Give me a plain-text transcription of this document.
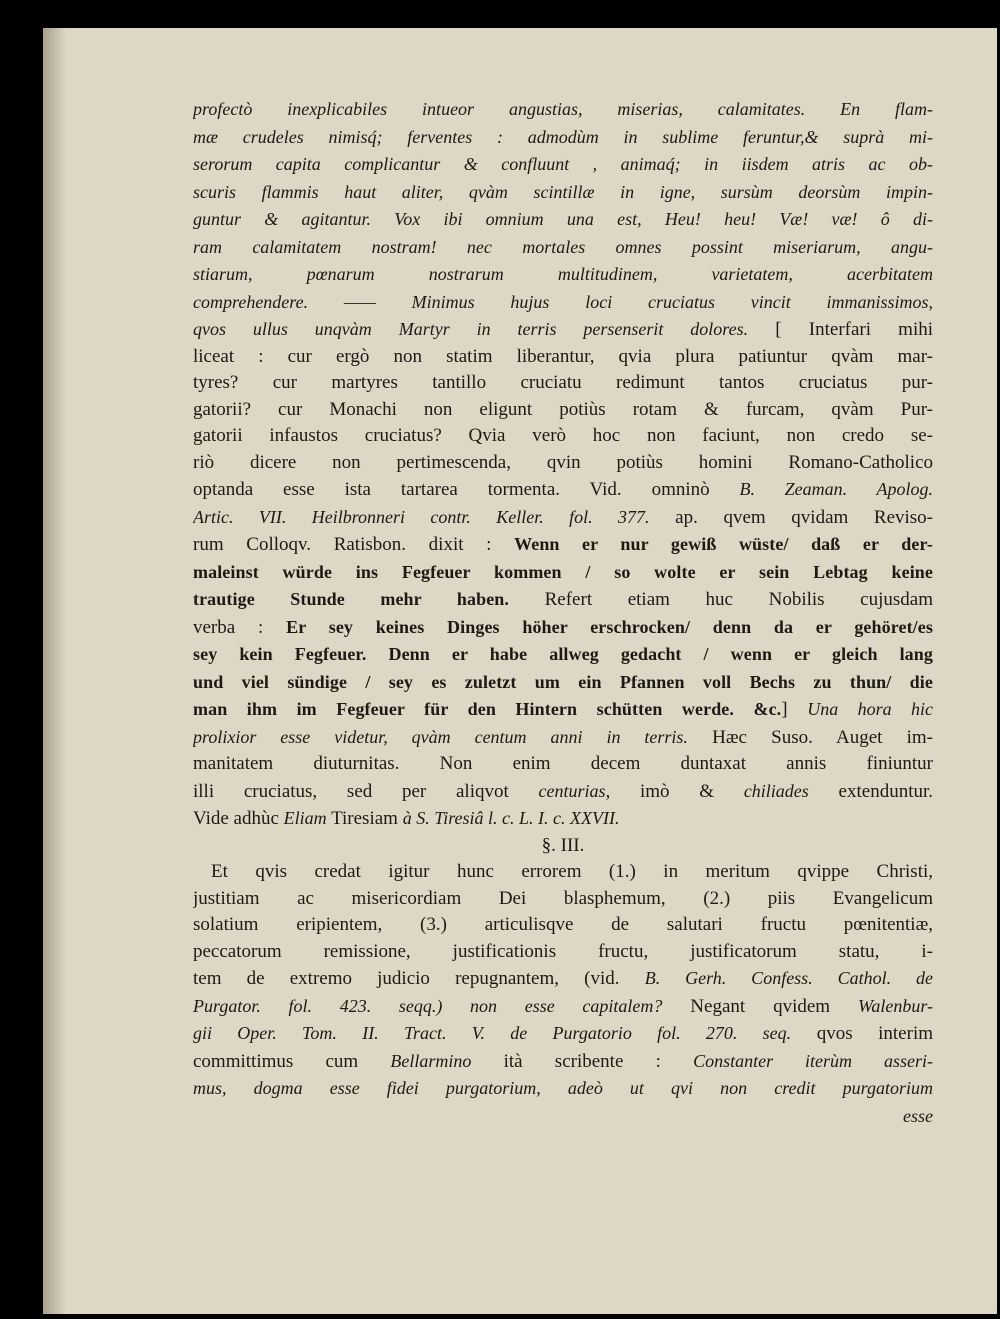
profectò inexplicabiles intueor angustias, miserias, calamitates. En flam-
mæ crudeles nimisq́; ferventes : admodùm in sublime feruntur,& suprà mi-
serorum capita complicantur & confluunt , animaq́; in iisdem atris ac ob-
scuris flammis haut aliter, qvàm scintillæ in igne, sursùm deorsùm impin-
guntur & agitantur. Vox ibi omnium una est, Heu! heu! Væ! væ! ô di-
ram calamitatem nostram! nec mortales omnes possint miseriarum, angu-
stiarum, pœnarum nostrarum multitudinem, varietatem, acerbitatem
comprehendere. —— Minimus hujus loci cruciatus vincit immanissimos,
qvos ullus unqvàm Martyr in terris persenserit dolores. [ Interfari mihi
liceat : cur ergò non statim liberantur, qvia plura patiuntur qvàm mar-
tyres? cur martyres tantillo cruciatu redimunt tantos cruciatus pur-
gatorii? cur Monachi non eligunt potiùs rotam & furcam, qvàm Pur-
gatorii infaustos cruciatus? Qvia verò hoc non faciunt, non credo se-
riò dicere non pertimescenda, qvin potiùs homini Romano-Catholico
optanda esse ista tartarea tormenta. Vid. omninò B. Zeaman. Apolog.
Artic. VII. Heilbronneri contr. Keller. fol. 377. ap. qvem qvidam Reviso-
rum Colloqv. Ratisbon. dixit : Wenn er nur gewiß wüste/ daß er der-
maleinst würde ins Fegfeuer kommen / so wolte er sein Lebtag keine
trautige Stunde mehr haben. Refert etiam huc Nobilis cujusdam
verba : Er sey keines Dinges höher erschrocken/ denn da er gehöret/es
sey kein Fegfeuer. Denn er habe allweg gedacht / wenn er gleich lang
und viel sündige / sey es zuletzt um ein Pfannen voll Bechs zu thun/ die
man ihm im Fegfeuer für den Hintern schütten werde. &c.] Una hora hic
prolixior esse videtur, qvàm centum anni in terris. Hæc Suso. Auget im-
manitatem diuturnitas. Non enim decem duntaxat annis finiuntur
illi cruciatus, sed per aliqvot centurias, imò & chiliades extenduntur.
Vide adhùc Eliam Tiresiam à S. Tiresiâ l. c. L. I. c. XXVII.
§. III.
Et qvis credat igitur hunc errorem (1.) in meritum qvippe Christi,
justitiam ac misericordiam Dei blasphemum, (2.) piis Evangelicum
solatium eripientem, (3.) articulisqve de salutari fructu pœnitentiæ,
peccatorum remissione, justificationis fructu, justificatorum statu, i-
tem de extremo judicio repugnantem, (vid. B. Gerh. Confess. Cathol. de
Purgator. fol. 423. seqq.) non esse capitalem? Negant qvidem Walenbur-
gii Oper. Tom. II. Tract. V. de Purgatorio fol. 270. seq. qvos interim
committimus cum Bellarmino ità scribente : Constanter iterùm asseri-
mus, dogma esse fidei purgatorium, adeò ut qvi non credit purgatorium
esse
